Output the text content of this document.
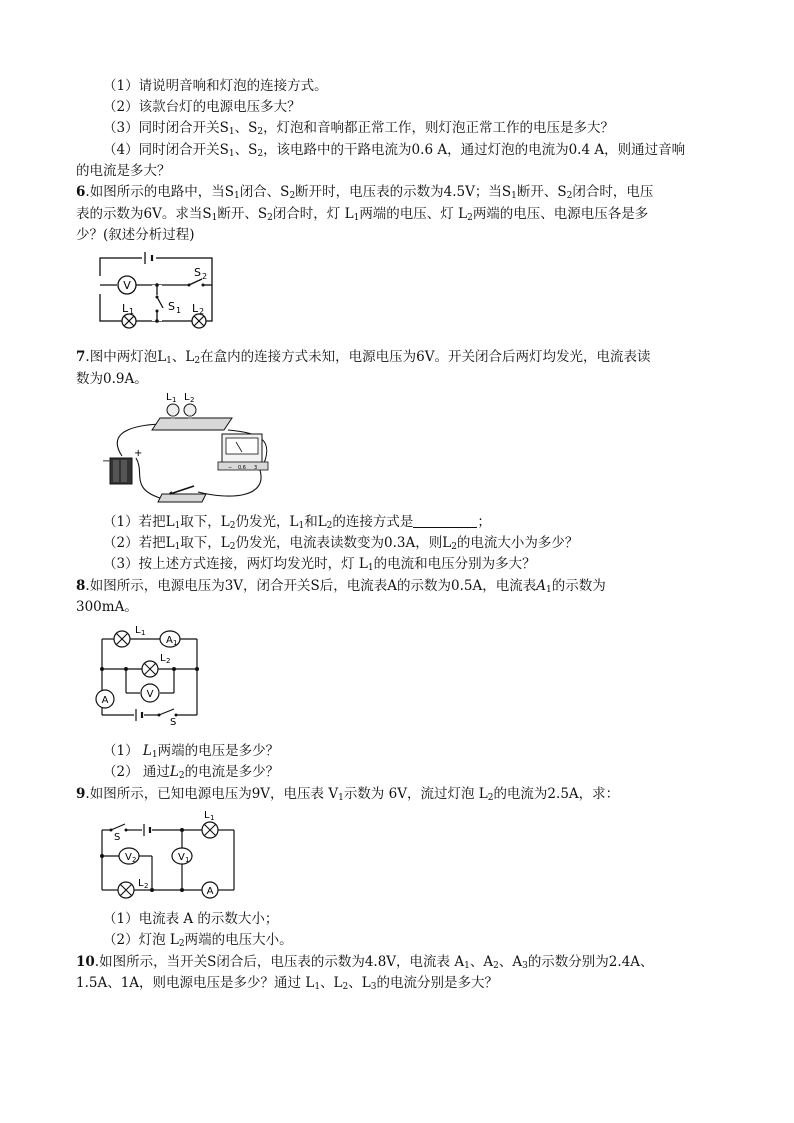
（1）请说明音响和灯泡的连接方式。
（2）该款台灯的电源电压多大？
（3）同时闭合开关$S_1$、$S_2$，灯泡和音响都正常工作，则灯泡正常工作的电压是多大？
（4）同时闭合开关$S_1$、$S_2$，该电路中的干路电流为0.6 A，通过灯泡的电流为0.4 A，则通过音响
的电流是多大？
6.如图所示的电路中，当$S_1$闭合、$S_2$断开时，电压表的示数为4.5V；当$S_1$断开、$S_2$闭合时，电压
表的示数为6V。求当$S_1$断开、$S_2$闭合时，灯 $L_1$两端的电压、灯 $L_2$两端的电压、电源电压各是多
少？(叙述分析过程)
V
S 2
S 1
L 1	L 2
7.图中两灯泡$L_1$、$L_2$在盒内的连接方式未知，电源电压为6V。开关闭合后两灯均发光，电流表读
数为0.9A。
L 1 L 2
−
+
− 0.6 3
（1）若把$L_1$取下，$L_2$仍发光，$L_1$和$L_2$的连接方式是	；
（2）若把$L_1$取下，$L_2$仍发光，电流表读数变为0.3A，则$L_2$的电流大小为多少？
（3）按上述方式连接，两灯均发光时，灯 $L_1$的电流和电压分别为多大？
8.如图所示，电源电压为3V，闭合开关S后，电流表A的示数为0.5A，电流表$A_1$的示数为
300mA。
L 1
A 1
L 2
V
A
S
（1） $L_1$两端的电压是多少？
（2） 通过$L_2$的电流是多少？
9.如图所示，已知电源电压为9V，电压表 $V_1$示数为 6V，流过灯泡 $L_2$的电流为2.5A，求：
S
L 1
V 2	V 1
L 2	A
（1）电流表 A 的示数大小；
（2）灯泡 $L_2$两端的电压大小。
10.如图所示，当开关S闭合后，电压表的示数为4.8V，电流表 $A_1$、$A_2$、$A_3$的示数分别为2.4A、
1.5A、1A，则电源电压是多少？通过 $L_1$、$L_2$、$L_3$的电流分别是多大？
